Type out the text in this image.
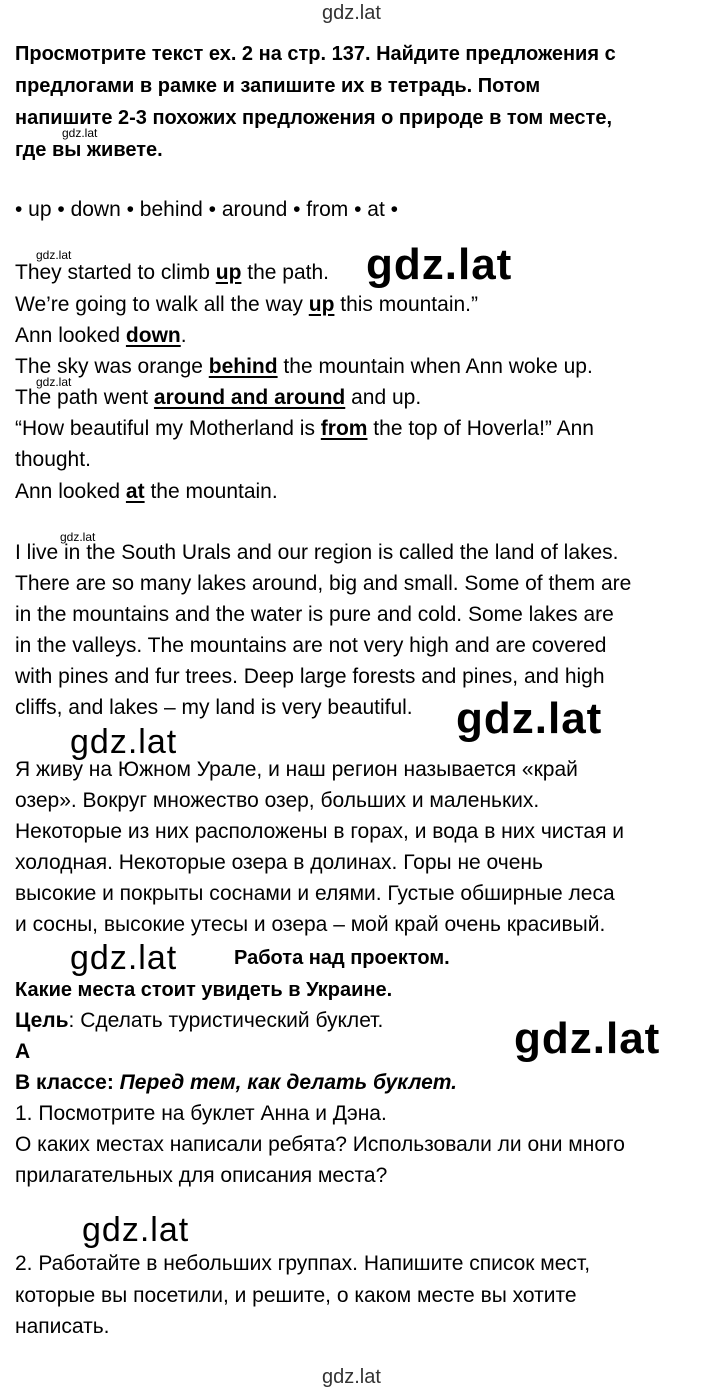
gdz.lat
Просмотрите текст ех. 2 на стр. 137. Найдите предложения с
предлогами в рамке и запишите их в тетрадь. Потом
напишите 2-3 похожих предложения о природе в том месте,
где вы живете.
gdz.lat
• up • down • behind • around • from • at •
gdz.lat
They started to climb up the path. gdz.lat
We’re going to walk all the way up this mountain.”
Ann looked down.
The sky was orange behind the mountain when Ann woke up.
gdz.lat
The path went around and around and up.
“How beautiful my Motherland is from the top of Hoverla!” Ann
thought.
Ann looked at the mountain.
gdz.lat
I live in the South Urals and our region is called the land of lakes.
There are so many lakes around, big and small. Some of them are
in the mountains and the water is pure and cold. Some lakes are
in the valleys. The mountains are not very high and are covered
with pines and fur trees. Deep large forests and pines, and high
cliffs, and lakes – my land is very beautiful. gdz.lat
gdz.lat
Я живу на Южном Урале, и наш регион называется «край
озер». Вокруг множество озер, больших и маленьких.
Некоторые из них расположены в горах, и вода в них чистая и
холодная. Некоторые озера в долинах. Горы не очень
высокие и покрыты соснами и елями. Густые обширные леса
и сосны, высокие утесы и озера – мой край очень красивый.
gdz.lat	Работа над проектом.
Какие места стоит увидеть в Украине.
Цель: Сделать туристический буклет.	gdz.lat
A
В классе: Перед тем, как делать буклет.
1. Посмотрите на буклет Анна и Дэна.
О каких местах написали ребята? Использовали ли они много
прилагательных для описания места?
gdz.lat
2. Работайте в небольших группах. Напишите список мест,
которые вы посетили, и решите, о каком месте вы хотите
написать.
gdz.lat
